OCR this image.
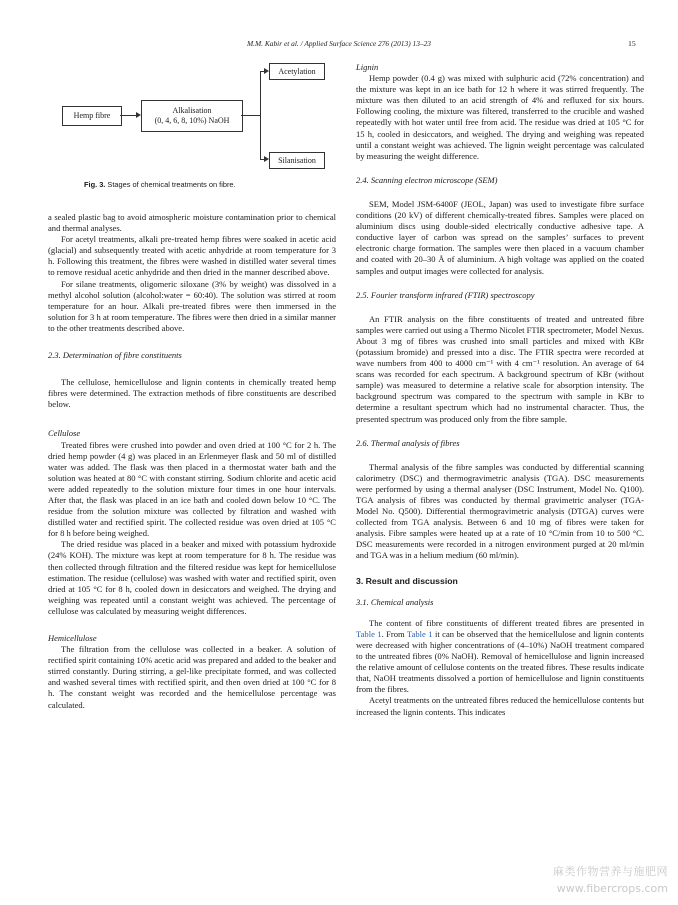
M.M. Kabir et al. / Applied Surface Science 276 (2013) 13–23	15
Hemp fibre
Alkalisation
(0, 4, 6, 8, 10%) NaOH
Acetylation
Silanisation
Fig. 3. Stages of chemical treatments on fibre.

a sealed plastic bag to avoid atmospheric moisture contamination prior to chemical and thermal analyses.

For acetyl treatments, alkali pre-treated hemp fibres were soaked in acetic acid (glacial) and subsequently treated with acetic anhydride at room temperature for 3 h. Following this treatment, the fibres were washed in distilled water several times to remove residual acetic anhydride and then dried in the manner described above.

For silane treatments, oligomeric siloxane (3% by weight) was dissolved in a methyl alcohol solution (alcohol:water = 60:40). The solution was stirred at room temperature for an hour. Alkali pre-treated fibres were then immersed in the solution for 3 h at room temperature. The fibres were then dried in a similar manner to the other treatments described above.

2.3. Determination of fibre constituents

The cellulose, hemicellulose and lignin contents in chemically treated hemp fibres were determined. The extraction methods of fibre constituents are described below.

Cellulose

Treated fibres were crushed into powder and oven dried at 100 °C for 2 h. The dried hemp powder (4 g) was placed in an Erlenmeyer flask and 50 ml of distilled water was added. The flask was then placed in a thermostat water bath and the solution was heated at 80 °C with constant stirring. Sodium chlorite and acetic acid were added repeatedly to the solution mixture four times in one hour intervals. After that, the flask was placed in an ice bath and cooled down below 10 °C. The residue from the solution mixture was collected by filtration and washed with distilled water and rectified spirit. The collected residue was oven dried at 105 °C for 8 h before being weighed.

The dried residue was placed in a beaker and mixed with potassium hydroxide (24% KOH). The mixture was kept at room temperature for 8 h. The residue was then collected through filtration and the filtered residue was kept for hemicellulose estimation. The residue (cellulose) was washed with water and rectified spirit, oven dried at 105 °C for 8 h, cooled down in desiccators and weighed. The drying and weighing was repeated until a constant weight was achieved. The percentage of cellulose was calculated by measuring weight differences.

Hemicellulose

The filtration from the cellulose was collected in a beaker. A solution of rectified spirit containing 10% acetic acid was prepared and added to the beaker and stirred constantly. During stirring, a gel-like precipitate formed, and was collected and washed several times with rectified spirit, and then oven dried at 100 °C for 8 h. The constant weight was recorded and the hemicellulose percentage was calculated.

Lignin

Hemp powder (0.4 g) was mixed with sulphuric acid (72% concentration) and the mixture was kept in an ice bath for 12 h where it was stirred frequently. The mixture was then diluted to an acid strength of 4% and refluxed for six hours. Following cooling, the mixture was filtered, transferred to the crucible and washed repeatedly with hot water until free from acid. The residue was dried at 105 °C for 15 h, cooled in desiccators, and weighed. The drying and weighing was repeated until a constant weight was achieved. The lignin weight percentage was calculated by measuring the weight difference.

2.4. Scanning electron microscope (SEM)

SEM, Model JSM-6400F (JEOL, Japan) was used to investigate fibre surface conditions (20 kV) of different chemically-treated fibres. Samples were placed on aluminium discs using double-sided electrically conductive adhesive tape. A conductive layer of carbon was spread on the samples’ surfaces to prevent electronic charge formation. The samples were then placed in a vacuum chamber and coated with 20–30 Å of aluminium. A high voltage was applied on the coated samples and output images were collected for analysis.

2.5. Fourier transform infrared (FTIR) spectroscopy

An FTIR analysis on the fibre constituents of treated and untreated fibre samples were carried out using a Thermo Nicolet FTIR spectrometer, Model Nexus. About 3 mg of fibres was crushed into small particles and mixed with KBr (potassium bromide) and pressed into a disc. The FTIR spectra were recorded at wave numbers from 400 to 4000 cm⁻¹ with 4 cm⁻¹ resolution. An average of 64 scans was recorded for each spectrum. A background spectrum of KBr (without sample) was measured to determine a relative scale for absorption intensity. The background spectrum was compared to the spectrum with sample in KBr to determine a resultant spectrum which had no instrumental character. Thus, the presented spectrum was produced only from the fibre sample.

2.6. Thermal analysis of fibres

Thermal analysis of the fibre samples was conducted by differential scanning calorimetry (DSC) and thermogravimetric analysis (TGA). DSC measurements were performed by using a thermal analyser (DSC Instrument, Model No. Q100). TGA analysis of fibres was conducted by thermal gravimetric analyser (TGA-Model No. Q500). Differential thermogravimetric analysis (DTGA) curves were collected from TGA analysis. Between 6 and 10 mg of fibres were taken for analysis. Fibre samples were heated up at a rate of 10 °C/min from 10 to 500 °C. DSC measurements were recorded in a nitrogen environment purged at 20 ml/min and TGA was in a helium medium (60 ml/min).

3. Result and discussion

3.1. Chemical analysis

The content of fibre constituents of different treated fibres are presented in Table 1. From Table 1 it can be observed that the hemicellulose and lignin contents were decreased with higher concentrations of (4–10%) NaOH treatment compared to the untreated fibres (0% NaOH). Removal of hemicellulose and lignin increased the relative amount of cellulose contents on the treated fibres. These results indicate that, NaOH treatments dissolved a portion of hemicellulose and lignin constituents from the fibres.

Acetyl treatments on the untreated fibres reduced the hemicellulose contents but increased the lignin contents. This indicates

麻类作物营养与施肥网
www.fibercrops.com
